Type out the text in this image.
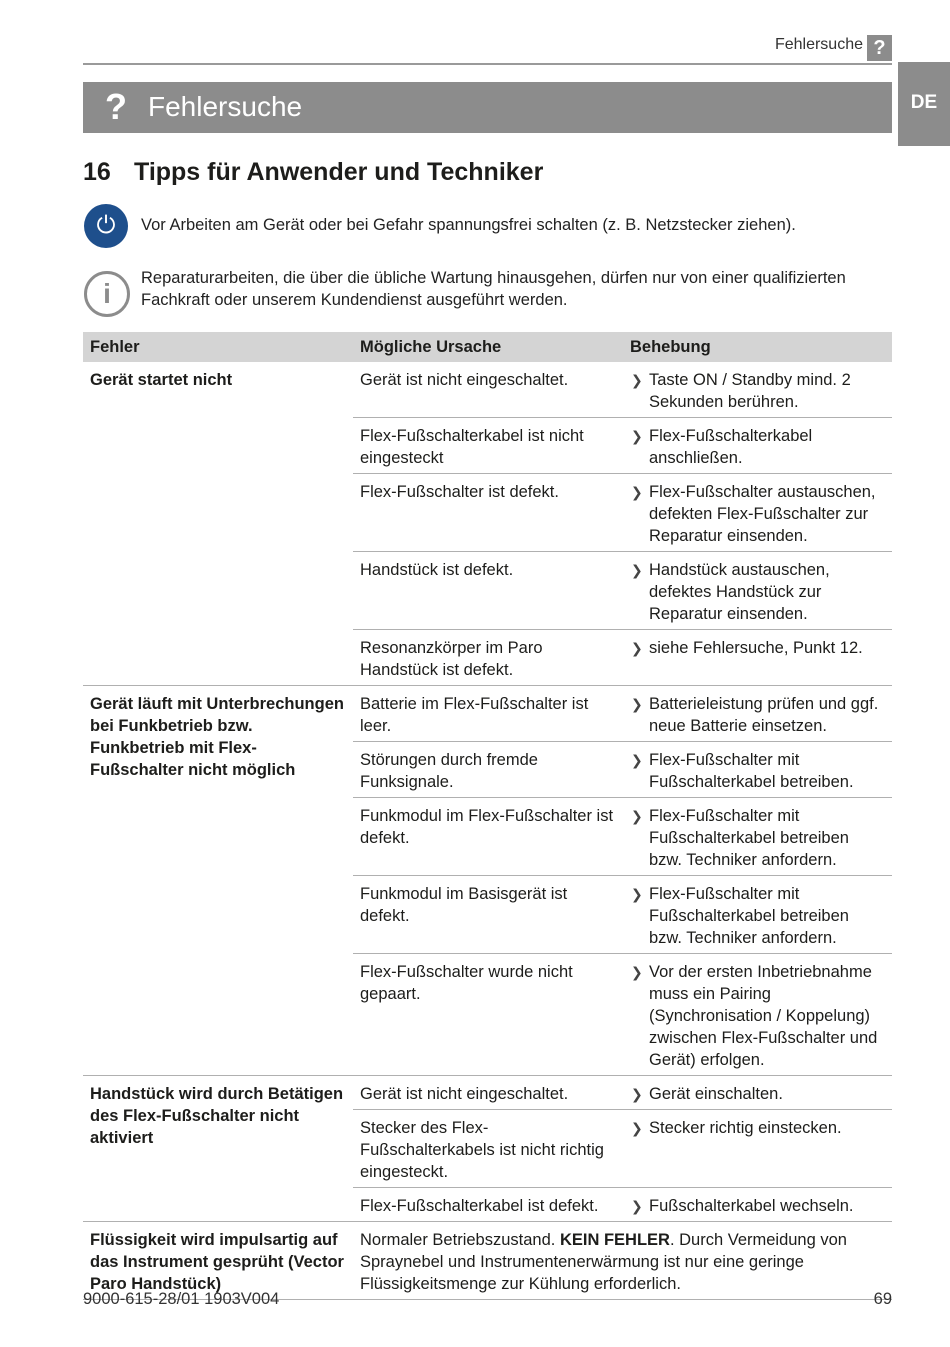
Fehlersuche ?
DE
? Fehlersuche
16 Tipps für Anwender und Techniker
⏻	Vor Arbeiten am Gerät oder bei Gefahr spannungsfrei schalten (z. B. Netzstecker ziehen).
i	Reparaturarbeiten, die über die übliche Wartung hinausgehen, dürfen nur von einer qualifizierten Fachkraft oder unserem Kundendienst ausgeführt werden.
Fehler	Mögliche Ursache	Behebung
Gerät startet nicht	Gerät ist nicht eingeschaltet.	❯ Taste ON / Standby mind. 2 Sekunden berühren.
	Flex-Fußschalterkabel ist nicht eingesteckt	❯ Flex-Fußschalterkabel anschließen.
	Flex-Fußschalter ist defekt.	❯ Flex-Fußschalter austauschen, defekten Flex-Fußschalter zur Reparatur einsenden.
	Handstück ist defekt.	❯ Handstück austauschen, defektes Handstück zur Reparatur einsenden.
	Resonanzkörper im Paro Handstück ist defekt.	❯ siehe Fehlersuche, Punkt 12.
Gerät läuft mit Unterbrechungen bei Funkbetrieb bzw. Funkbetrieb mit Flex-Fußschalter nicht möglich	Batterie im Flex-Fußschalter ist leer.	❯ Batterieleistung prüfen und ggf. neue Batterie einsetzen.
	Störungen durch fremde Funksignale.	❯ Flex-Fußschalter mit Fußschalterkabel betreiben.
	Funkmodul im Flex-Fußschalter ist defekt.	❯ Flex-Fußschalter mit Fußschalterkabel betreiben bzw. Techniker anfordern.
	Funkmodul im Basisgerät ist defekt.	❯ Flex-Fußschalter mit Fußschalterkabel betreiben bzw. Techniker anfordern.
	Flex-Fußschalter wurde nicht gepaart.	❯ Vor der ersten Inbetriebnahme muss ein Pairing (Synchronisation / Koppelung) zwischen Flex-Fußschalter und Gerät) erfolgen.
Handstück wird durch Betätigen des Flex-Fußschalter nicht aktiviert	Gerät ist nicht eingeschaltet.	❯ Gerät einschalten.
	Stecker des Flex-Fußschalterkabels ist nicht richtig eingesteckt.	❯ Stecker richtig einstecken.
	Flex-Fußschalterkabel ist defekt.	❯ Fußschalterkabel wechseln.
Flüssigkeit wird impulsartig auf das Instrument gesprüht (Vector Paro Handstück)	Normaler Betriebszustand. KEIN FEHLER. Durch Vermeidung von Spraynebel und Instrumentenerwärmung ist nur eine geringe Flüssigkeitsmenge zur Kühlung erforderlich.	
9000-615-28/01 1903V004	69
